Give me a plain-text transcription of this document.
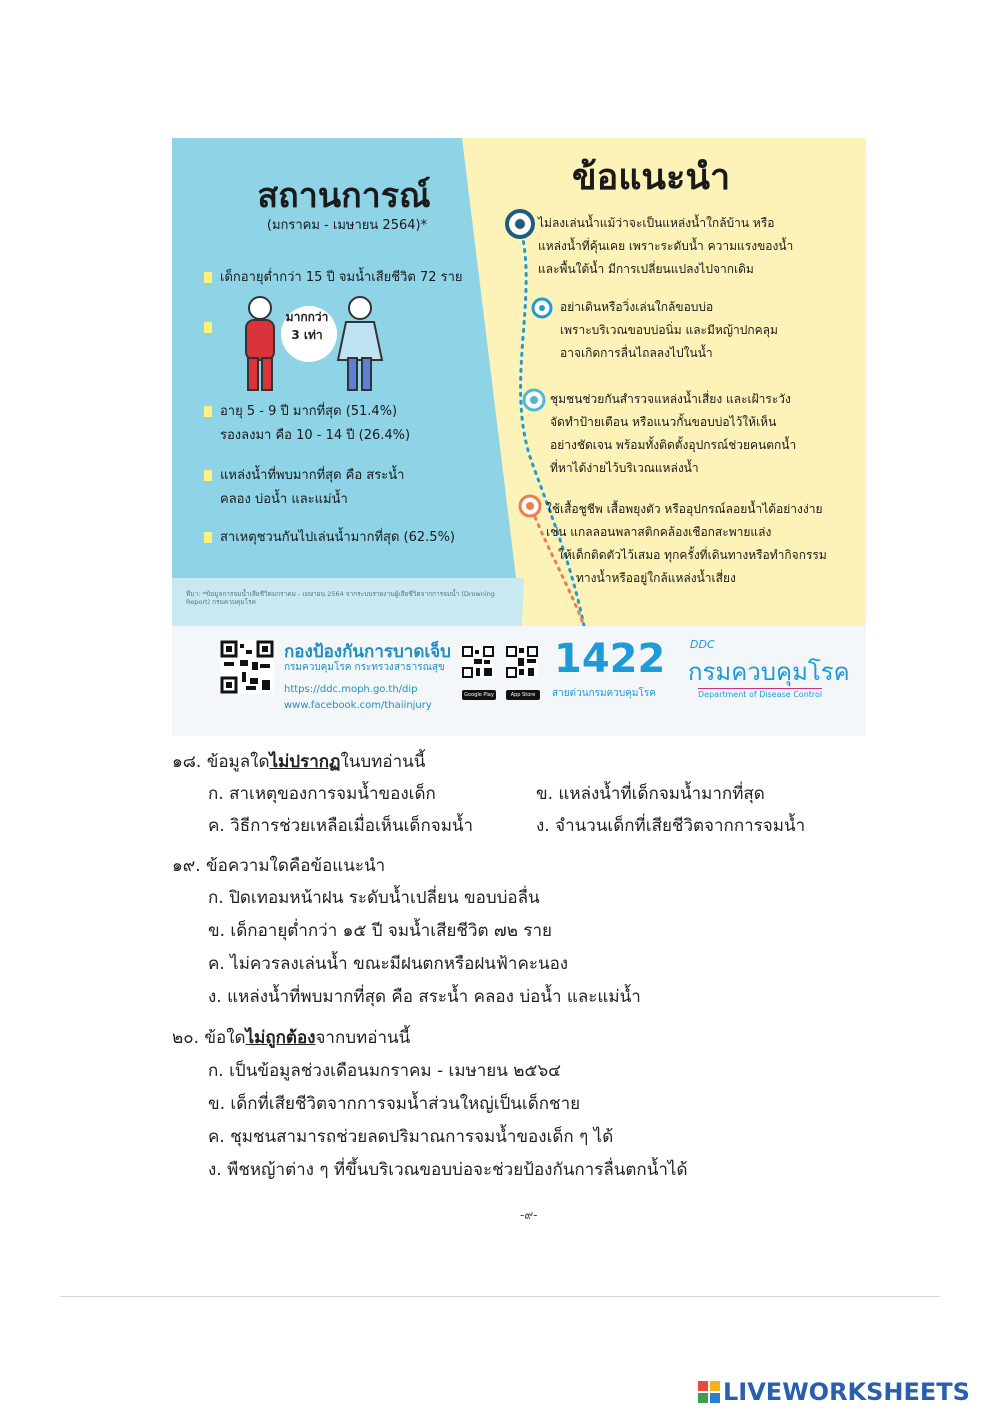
สถานการณ์
(มกราคม - เมษายน 2564)*
เด็กอายุต่ำกว่า 15 ปี จมน้ำเสียชีวิต 72 ราย
มากกว่า
3 เท่า
อายุ 5 - 9 ปี มากที่สุด (51.4%)
รองลงมา คือ 10 - 14 ปี (26.4%)
แหล่งน้ำที่พบมากที่สุด คือ สระน้ำ
คลอง บ่อน้ำ และแม่น้ำ
สาเหตุชวนกันไปเล่นน้ำมากที่สุด (62.5%)
ที่มา: *ข้อมูลการจมน้ำเสียชีวิตมกราคม - เมษายน 2564 จากระบบรายงานผู้เสียชีวิตจากการจมน้ำ (Drowning Report) กรมควบคุมโรค
ข้อแนะนำ
ไม่ลงเล่นน้ำแม้ว่าจะเป็นแหล่งน้ำใกล้บ้าน หรือ
แหล่งน้ำที่คุ้นเคย เพราะระดับน้ำ ความแรงของน้ำ
และพื้นใต้น้ำ มีการเปลี่ยนแปลงไปจากเดิม
อย่าเดินหรือวิ่งเล่นใกล้ขอบบ่อ
เพราะบริเวณขอบบ่อนิ่ม และมีหญ้าปกคลุม
อาจเกิดการลื่นไถลลงไปในน้ำ
ชุมชนช่วยกันสำรวจแหล่งน้ำเสี่ยง และเฝ้าระวัง
จัดทำป้ายเตือน หรือแนวกั้นขอบบ่อไว้ให้เห็น
อย่างชัดเจน พร้อมทั้งติดตั้งอุปกรณ์ช่วยคนตกน้ำ
ที่หาได้ง่ายไว้บริเวณแหล่งน้ำ
ใช้เสื้อชูชีพ เสื้อพยุงตัว หรืออุปกรณ์ลอยน้ำได้อย่างง่าย
เช่น แกลลอนพลาสติกคล้องเชือกสะพายแล่ง
ให้เด็กติดตัวไว้เสมอ ทุกครั้งที่เดินทางหรือทำกิจกรรม
ทางน้ำหรืออยู่ใกล้แหล่งน้ำเสี่ยง
กองป้องกันการบาดเจ็บ
กรมควบคุมโรค กระทรวงสาธารณสุข
https://ddc.moph.go.th/dip
www.facebook.com/thaiinjury
Google Play	App Store
1422
สายด่วนกรมควบคุมโรค
DDC
กรมควบคุมโรค
Department of Disease Control
๑๘. ข้อมูลใดไม่ปรากฏในบทอ่านนี้
ก. สาเหตุของการจมน้ำของเด็ก	ข. แหล่งน้ำที่เด็กจมน้ำมากที่สุด
ค. วิธีการช่วยเหลือเมื่อเห็นเด็กจมน้ำ	ง. จำนวนเด็กที่เสียชีวิตจากการจมน้ำ
๑๙. ข้อความใดคือข้อแนะนำ
ก. ปิดเทอมหน้าฝน ระดับน้ำเปลี่ยน ขอบบ่อลื่น
ข. เด็กอายุต่ำกว่า ๑๕ ปี จมน้ำเสียชีวิต ๗๒ ราย
ค. ไม่ควรลงเล่นน้ำ ขณะมีฝนตกหรือฝนฟ้าคะนอง
ง. แหล่งน้ำที่พบมากที่สุด คือ สระน้ำ คลอง บ่อน้ำ และแม่น้ำ
๒๐. ข้อใดไม่ถูกต้องจากบทอ่านนี้
ก. เป็นข้อมูลช่วงเดือนมกราคม - เมษายน ๒๕๖๔
ข. เด็กที่เสียชีวิตจากการจมน้ำส่วนใหญ่เป็นเด็กชาย
ค. ชุมชนสามารถช่วยลดปริมาณการจมน้ำของเด็ก ๆ ได้
ง. พืชหญ้าต่าง ๆ ที่ขึ้นบริเวณขอบบ่อจะช่วยป้องกันการลื่นตกน้ำได้
-๙-
LIVEWORKSHEETS
